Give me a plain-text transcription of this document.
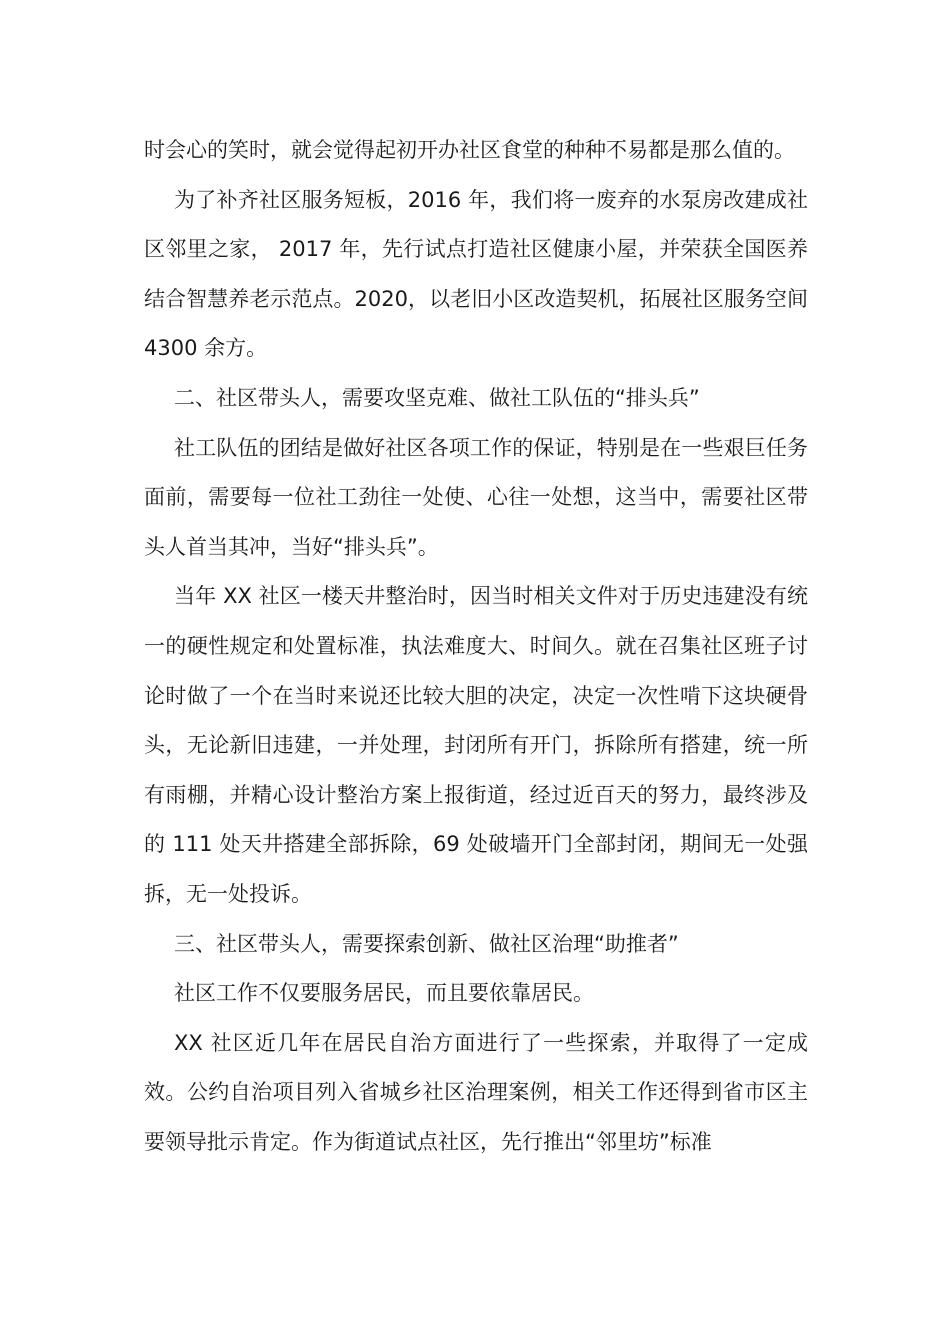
时会心的笑时，就会觉得起初开办社区食堂的种种不易都是那么值的。

为了补齐社区服务短板，2016 年，我们将一废弃的水泵房改建成社区邻里之家， 2017 年，先行试点打造社区健康小屋，并荣获全国医养结合智慧养老示范点。2020，以老旧小区改造契机，拓展社区服务空间 4300 余方。

二、社区带头人，需要攻坚克难、做社工队伍的“排头兵”

社工队伍的团结是做好社区各项工作的保证，特别是在一些艰巨任务面前，需要每一位社工劲往一处使、心往一处想，这当中，需要社区带头人首当其冲，当好“排头兵”。

当年 XX 社区一楼天井整治时，因当时相关文件对于历史违建没有统一的硬性规定和处置标准，执法难度大、时间久。就在召集社区班子讨论时做了一个在当时来说还比较大胆的决定，决定一次性啃下这块硬骨头，无论新旧违建，一并处理，封闭所有开门，拆除所有搭建，统一所有雨棚，并精心设计整治方案上报街道，经过近百天的努力，最终涉及的 111 处天井搭建全部拆除，69 处破墙开门全部封闭，期间无一处强拆，无一处投诉。

三、社区带头人，需要探索创新、做社区治理“助推者”

社区工作不仅要服务居民，而且要依靠居民。

XX 社区近几年在居民自治方面进行了一些探索，并取得了一定成效。公约自治项目列入省城乡社区治理案例，相关工作还得到省市区主要领导批示肯定。作为街道试点社区，先行推出“邻里坊”标准
